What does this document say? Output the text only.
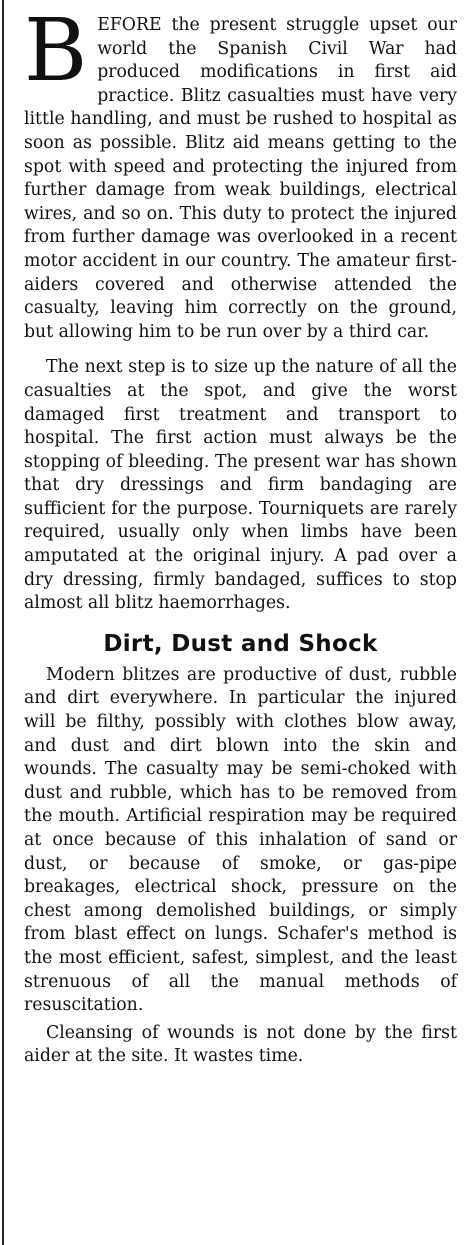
BEFORE the present struggle upset our world the Spanish Civil War had produced modifications in first aid practice. Blitz casualties must have very little handling, and must be rushed to hospital as soon as possible. Blitz aid means getting to the spot with speed and protecting the injured from further damage from weak buildings, electrical wires, and so on. This duty to protect the injured from further damage was overlooked in a recent motor accident in our country. The amateur first-aiders covered and otherwise attended the casualty, leaving him correctly on the ground, but allowing him to be run over by a third car.

The next step is to size up the nature of all the casualties at the spot, and give the worst damaged first treatment and transport to hospital. The first action must always be the stopping of bleeding. The present war has shown that dry dressings and firm bandaging are sufficient for the purpose. Tourniquets are rarely required, usually only when limbs have been amputated at the original injury. A pad over a dry dressing, firmly bandaged, suffices to stop almost all blitz haemorrhages.

Dirt, Dust and Shock

Modern blitzes are productive of dust, rubble and dirt everywhere. In particular the injured will be filthy, possibly with clothes blow away, and dust and dirt blown into the skin and wounds. The casualty may be semi-choked with dust and rubble, which has to be removed from the mouth. Artificial respiration may be required at once because of this inhalation of sand or dust, or because of smoke, or gas-pipe breakages, electrical shock, pressure on the chest among demolished buildings, or simply from blast effect on lungs. Schafer's method is the most efficient, safest, simplest, and the least strenuous of all the manual methods of resuscitation.

Cleansing of wounds is not done by the first aider at the site. It wastes time.
